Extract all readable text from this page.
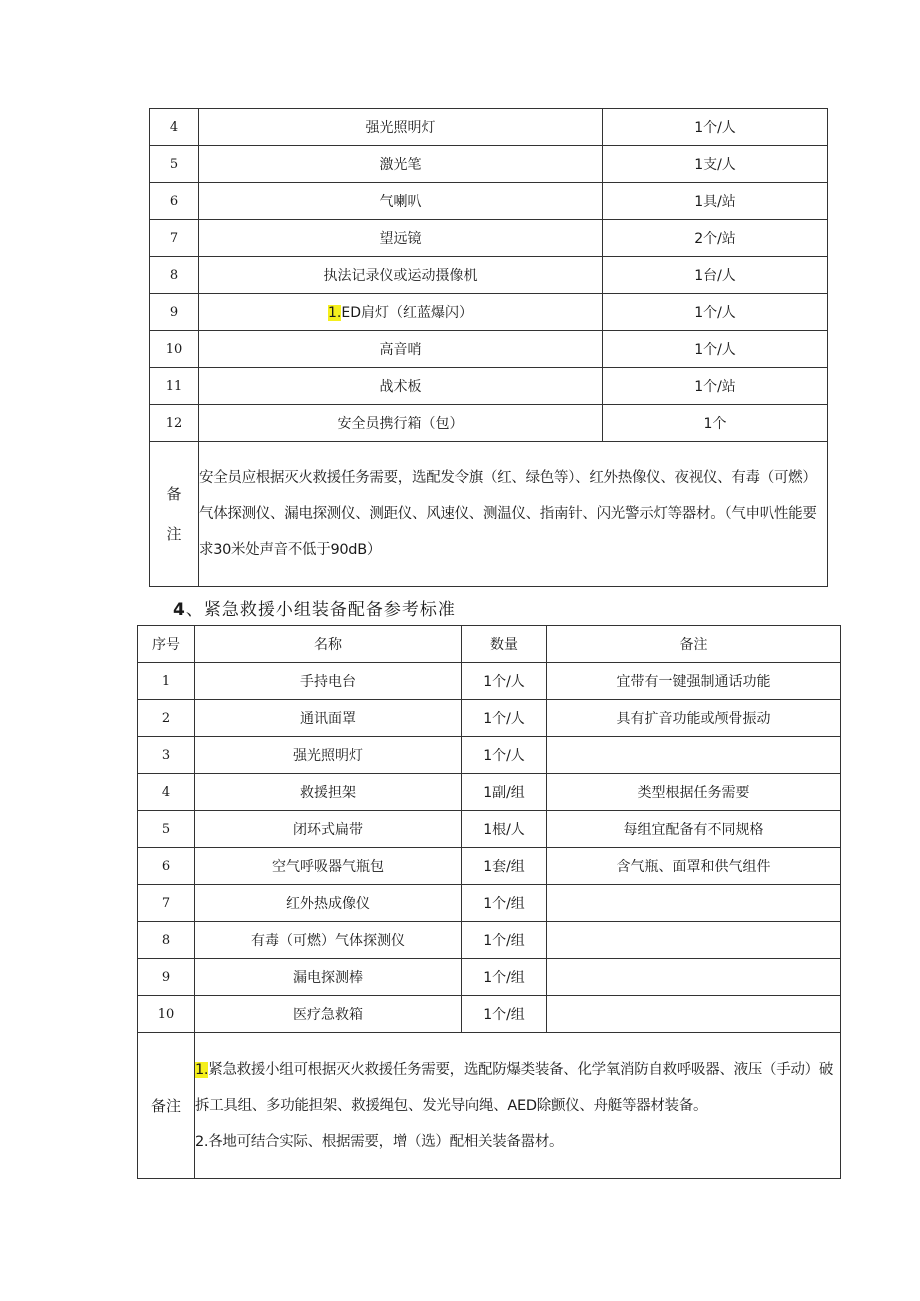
4	强光照明灯	1个/人
5	激光笔	1支/人
6	气喇叭	1具/站
7	望远镜	2个/站
8	执法记录仪或运动摄像机	1台/人
9	1.ED肩灯（红蓝爆闪）	1个/人
10	高音哨	1个/人
11	战术板	1个/站
12	安全员携行箱（包）	1个
备
注	安全员应根据灭火救援任务需要，选配发令旗（红、绿色等）、红外热像仪、夜视仪、有毒（可燃）气体探测仪、漏电探测仪、测距仪、风速仪、测温仪、指南针、闪光警示灯等器材。（气申叭性能要求30米处声音不低于90dB）	
4、紧急救援小组装备配备参考标准
序号	名称	数量	备注
1	手持电台	1个/人	宜带有一键强制通话功能
2	通讯面罩	1个/人	具有扩音功能或颅骨振动
3	强光照明灯	1个/人	
4	救援担架	1副/组	类型根据任务需要
5	闭环式扁带	1根/人	每组宜配备有不同规格
6	空气呼吸器气瓶包	1套/组	含气瓶、面罩和供气组件
7	红外热成像仪	1个/组	
8	有毒（可燃）气体探测仪	1个/组	
9	漏电探测棒	1个/组	
10	医疗急救箱	1个/组	
备注	1.紧急救援小组可根据灭火救援任务需要，选配防爆类装备、化学氧消防自救呼吸器、液压（手动）破拆工具组、多功能担架、救援绳包、发光导向绳、AED除颤仪、舟艇等器材装备。
2.各地可结合实际、根据需要，增（选）配相关装备嚣材。		
